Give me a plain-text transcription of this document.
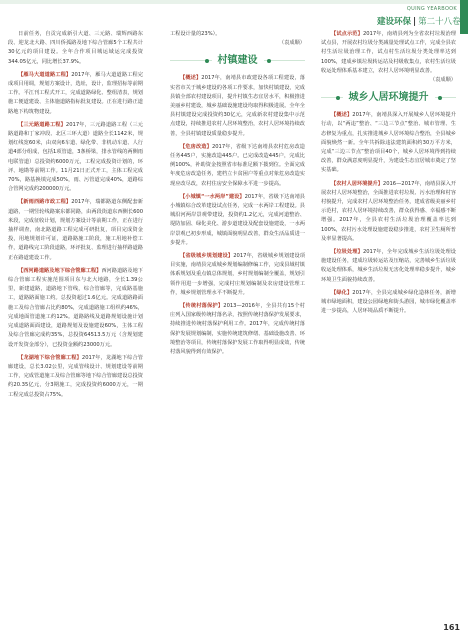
QUING YEARBOOK
建设环保 | 第二十八卷

日前任务，自贡完成新引大道、三元路、瑞辉西路东段、迎龙北大路、四川侨孤路及地下综合管廊5个工程共计30亿元的项目建设。全年合作项目城运域运完成投资344.05亿元，同比增长37.9%。

【雁马大道道路工程】2017年，雁马大道道路工程完成项目用调，规划方案设计，选址，设计，监理招标等前期工作。平江刊工程式开工，完成道路绿化、整组清表，规划施工便道建设、主体施道路指标批复建设。正在进行路正道路地下构筑物建设。

【三元路道路工程】2017年，三元路道路工程（三元路道路和丁家冲段、北区三环大道）道路全长1142米，规划红线宽60米，由双向6车道、绿化带、非机动车道、人行道4部分组成，包括1项管道，3条桥梁，排水管线的两侧雨电联管道）总投资约6000万元，工程完成投资计划的，环评、地勘等前期工作。11月21日正式开工，主体工程完成70%，路基换填完成50%，雨、污管道完成40%，道路综合管网完成约200000万元。

【新雨西路市政工程】2017年，瑞都路道东侧配套新道路，一期竖轮线路案东都同路，由两段街道东西侧长600米段，完成征收计划，规划方案设计等前期工作，正在进行抽样调查，南北路道路工程完成可研批复，项目完成资金投，用地规划许可证，道路路施工阶段，施工用地补偿工作，道路线完工阶段道路，环评批复、监理进行抽样路道路正在路道建设工作。

【西河路道路及地下综合管廊工程】西河路道路及地下综合管廊工程实施范围项目东与北大地路，全长1.39公里，新建道路，道路地下管线，综合管廊等，完成路基施工，道路路面施工约。总投资超过1.6亿元。完成道路路面施工及综合管廊占比约80%，完成道路施工组织约46%，完成地面管道施工约12%。道路路线及道路规划设施计划完成道路面面建设，道路规划及设施建设60%，主体工程及综合管廊完成约35%，总投资64513.5万元（含规划建设开发资金部分），已投资金额约23000万元。

【龙湖地下综合管廊工程】2017年，龙湖地下综合管廊建设，总长3.02公里，完成管线设计、规划建设等前期工作，完成管道施工及综合管廊等地下综合管廊建设总投资约20.35亿元，分3期施工，完成投资约6000万元，一期工程完成总投资占75%。

工程设计量的23%）。

（袁成顺）

村镇建设

【概述】2017年，南靖县市政建设各项工程建设，落实省市关于城乡建设的各项工作要求，加快村镇建设，完成县镇全部农村建设项目，提升村镇生态宜居水平，积极推进美丽乡村建设，城乡基础设施建设均取得积极进展。全年全县村镇建设完成投资约30亿元，完成新农村建设集中示范点建设，持续推进农村人居环境整治，农村人居环境持续改善，全县村镇建设质量稳步提升。

【危房改造】2017年，省级下达南靖县农村危房改造任务445户，实施改造445户。已完成改造445户，完成比例100%，补助资金按照省市标准足额下拨到位。全面完成年度危房改造任务，建档立卡贫困户等重点对象危房改造实现应改尽改，农村住房安全保障水平进一步提高。

【小城镇“一水两岸”建设】2017年，省级下达南靖县小城镇综合改革建设试点任务，完成一水两岸工程建设。县城沿河两岸景观带建设，投资约1.2亿元，完成河道整治、堤防加固、绿化美化、游步道建设及配套设施建设，一水两岸景观已初步形成，城镇面貌明显改善，群众生活品质进一步提升。

【省级城乡规划建设】2017年，省级城乡规划建设项目实施，南靖县完成城乡规划编制修编工作，完成县域村镇体系规划及重点镇总体规划，乡村规划编制全覆盖，规划引领作用进一步增强，完成村庄规划编制及农房建设管理工作，城乡规划管理水平不断提升。

【传统村落保护】2013—2016年，全县共有15个村庄列入国家级传统村落名录，按照传统村落保护发展要求，持续推进传统村落保护利用工作。2017年，完成传统村落保护发展规划编制，实施传统建筑修缮、基础设施改善、环境整治等项目，传统村落保护发展工作取得明显成效，传统村落风貌得到有效保护。

【试点示范】2017年，南靖县列为全省农村垃圾治理试点县，开展农村垃圾分类减量处理试点工作，完成全县农村生活垃圾治理工作，试点村生活垃圾分类处理率达到100%，建成乡镇垃圾转运站及村级收集点，农村生活垃圾收运处理体系基本建立，农村人居环境明显改善。

（袁成顺）

城乡人居环境提升

【概述】2017年，南靖县深入开展城乡人居环境提升行动，以“两违”整治、“三边三节点”整治、城市管理、生态修复为重点，扎实推进城乡人居环境综合整治，全县城乡面貌焕然一新。全年共拆除违法建筑面积约30万平方米，完成“三边三节点”整治项目40个，城乡人居环境得到持续改善，群众满意度明显提升，为建设生态宜居城市奠定了坚实基础。

【农村人居环境提升】2016—2017年，南靖县深入开展农村人居环境整治，全面推进农村垃圾、污水治理和村容村貌提升，完成农村人居环境整治任务，建成省级美丽乡村示范村，农村人居环境持续改善，群众获得感、幸福感不断增强。2017年，全县农村生活垃圾治理覆盖率达到100%，农村污水处理设施建设稳步推进，农村卫生厕所普及率显著提高。

【垃圾处理】2017年，全年完成城乡生活垃圾处理设施建设任务，建成垃圾转运站及压缩站，完善城乡生活垃圾收运处理体系，城乡生活垃圾无害化处理率稳步提升，城乡环境卫生面貌持续改善。

【绿化】2017年，全县完成城乡绿化造林任务，新增城市绿地面积，建设公园绿地和街头游园，城市绿化覆盖率进一步提高，人居环境品质不断提升。

161
